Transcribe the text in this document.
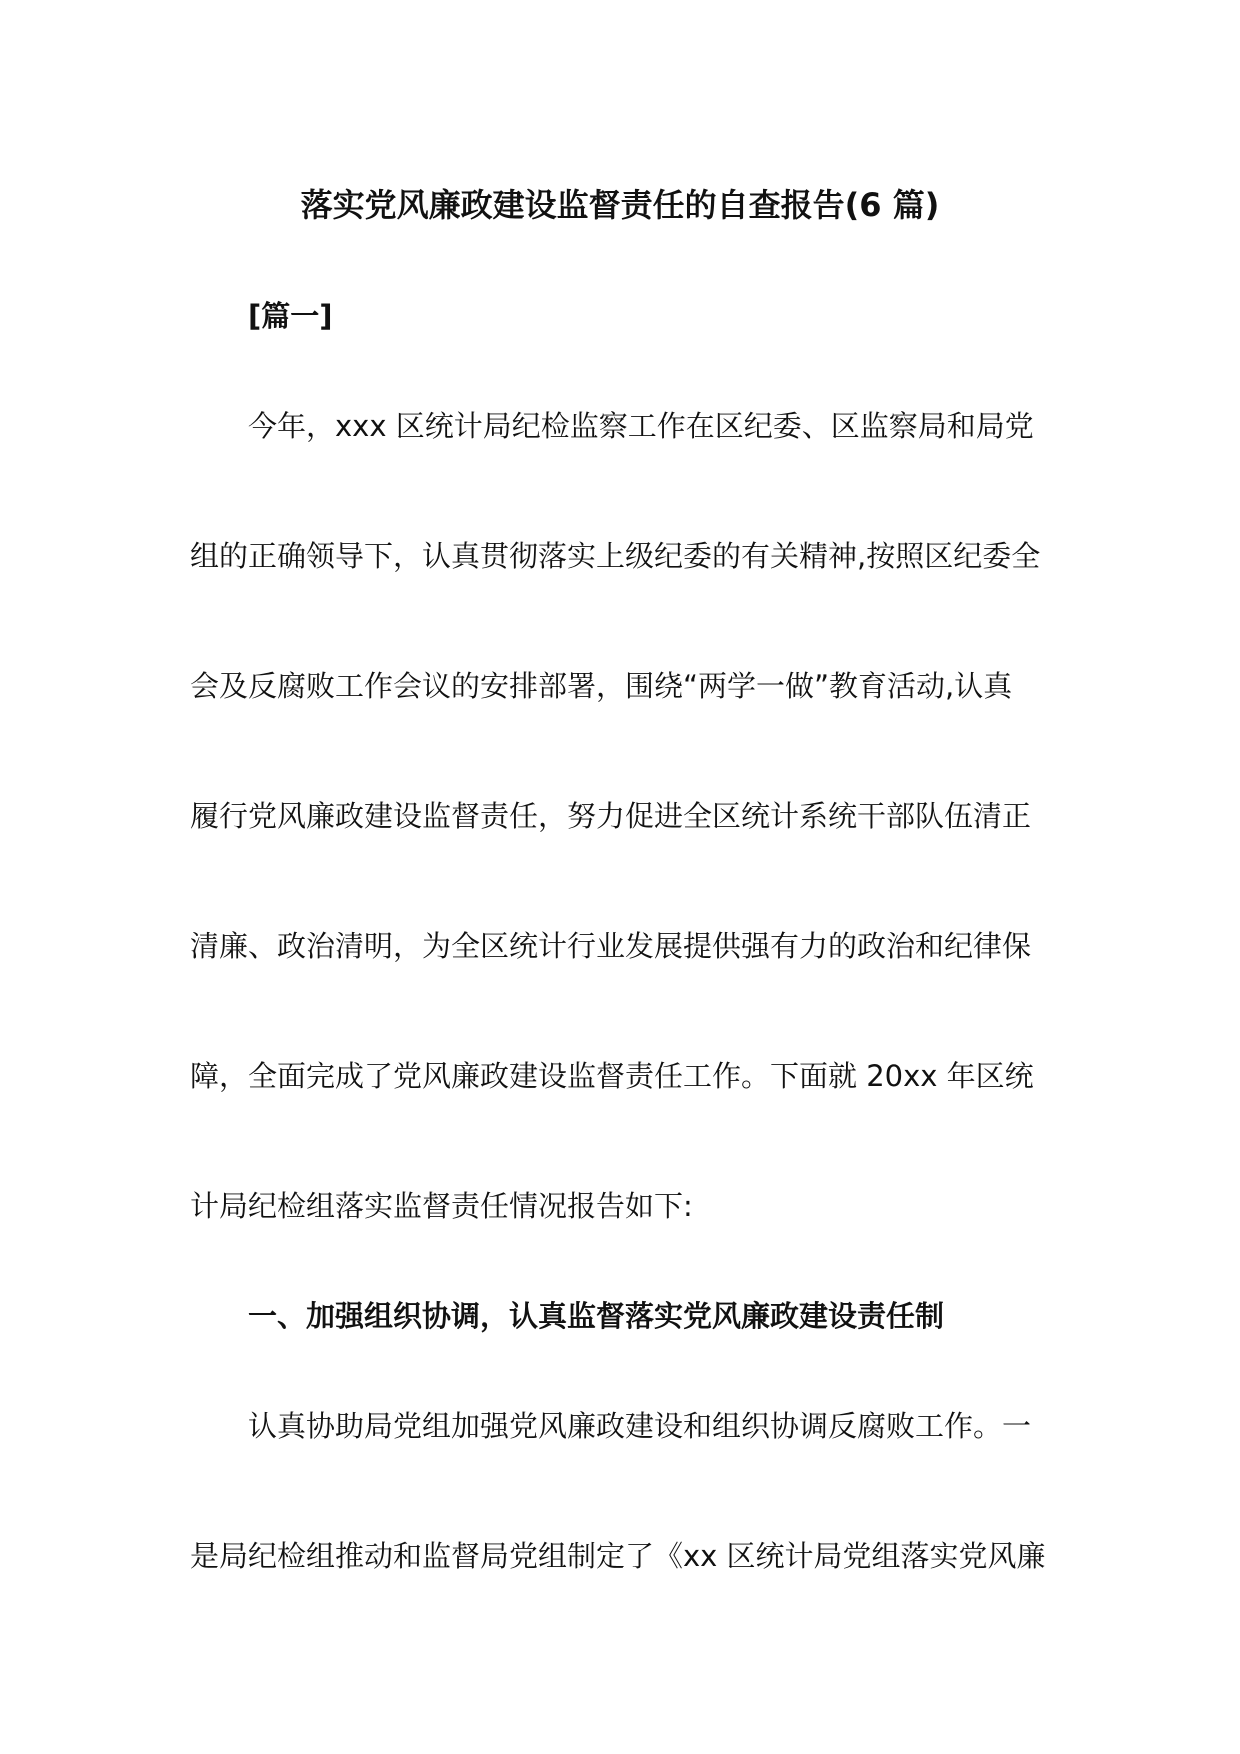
落实党风廉政建设监督责任的自查报告(6 篇)
[篇一]
今年，xxx 区统计局纪检监察工作在区纪委、区监察局和局党
组的正确领导下，认真贯彻落实上级纪委的有关精神,按照区纪委全
会及反腐败工作会议的安排部署，围绕“两学一做”教育活动,认真
履行党风廉政建设监督责任，努力促进全区统计系统干部队伍清正
清廉、政治清明，为全区统计行业发展提供强有力的政治和纪律保
障，全面完成了党风廉政建设监督责任工作。下面就 20xx 年区统
计局纪检组落实监督责任情况报告如下:
一、加强组织协调，认真监督落实党风廉政建设责任制
认真协助局党组加强党风廉政建设和组织协调反腐败工作。一
是局纪检组推动和监督局党组制定了《xx 区统计局党组落实党风廉
